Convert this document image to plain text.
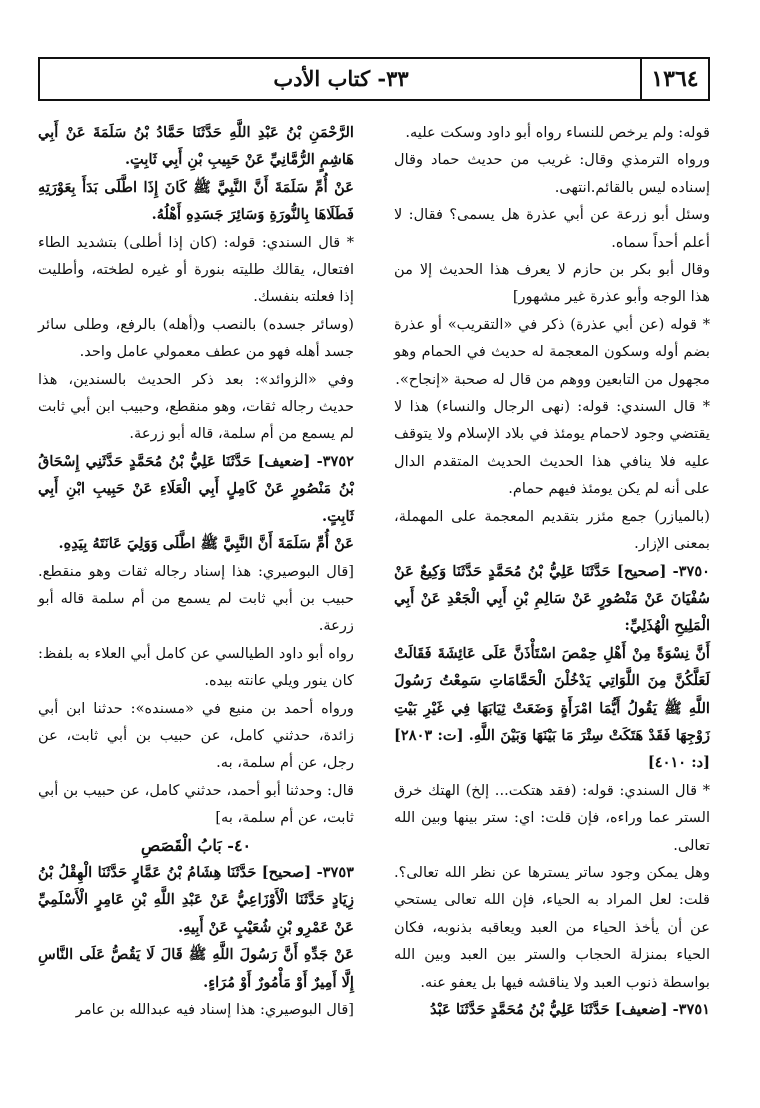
١٣٦٤
٣٣- كتاب الأدب

قوله: ولم يرخص للنساء رواه أبو داود وسكت عليه.

ورواه الترمذي وقال: غريب من حديث حماد وقال إسناده ليس بالقائم.انتهى.

وسئل أبو زرعة عن أبي عذرة هل يسمى؟ فقال: لا أعلم أحداً سماه.

وقال أبو بكر بن حازم لا يعرف هذا الحديث إلا من هذا الوجه وأبو عذرة غير مشهور]

* قوله (عن أبي عذرة) ذكر في «التقريب» أو عذرة بضم أوله وسكون المعجمة له حديث في الحمام وهو مجهول من التابعين ووهم من قال له صحبة «إنجاح».

* قال السندي: قوله: (نهى الرجال والنساء) هذا لا يقتضي وجود لاحمام يومئذ في بلاد الإسلام ولا يتوقف عليه فلا ينافي هذا الحديث الحديث المتقدم الدال على أنه لم يكن يومئذ فيهم حمام.

(بالميازر) جمع مئزر بتقديم المعجمة على المهملة، بمعنى الإزار.

٣٧٥٠- [صحيح] حَدَّثَنَا عَلِيُّ بْنُ مُحَمَّدٍ حَدَّثَنَا وَكِيعٌ عَنْ سُفْيَانَ عَنْ مَنْصُورٍ عَنْ سَالِمِ بْنِ أَبِي الْجَعْدِ عَنْ أَبِي الْمَلِيحِ الْهُذَلِيِّ:

أَنَّ نِسْوَةً مِنْ أَهْلِ حِمْصَ اسْتَأْذَنَّ عَلَى عَائِشَةَ فَقَالَتْ لَعَلَّكُنَّ مِنَ اللَّوَاتِي يَدْخُلْنَ الْحَمَّامَاتِ سَمِعْتُ رَسُولَ اللَّهِ ﷺ يَقُولُ أَيُّمَا امْرَأَةٍ وَضَعَتْ ثِيَابَهَا فِي غَيْرِ بَيْتِ زَوْجِهَا فَقَدْ هَتَكَتْ سِتْرَ مَا بَيْنَهَا وَبَيْنَ اللَّهِ. [ت: ٢٨٠٣] [د: ٤٠١٠]

* قال السندي: قوله: (فقد هتكت... إلخ) الهتك خرق الستر عما وراءه، فإن قلت: اي: ستر بينها وبين الله تعالى.

وهل يمكن وجود ساتر يسترها عن نظر الله تعالى؟. قلت: لعل المراد به الحياء، فإن الله تعالى يستحي عن أن يأخذ الحياء من العبد ويعاقبه بذنوبه، فكان الحياء بمنزلة الحجاب والستر بين العبد وبين الله بواسطة ذنوب العبد ولا يناقشه فيها بل يعفو عنه.

٣٧٥١- [ضعيف] حَدَّثَنَا عَلِيُّ بْنُ مُحَمَّدٍ حَدَّثَنَا عَبْدُ

الرَّحْمَنِ بْنُ عَبْدِ اللَّهِ حَدَّثَنَا حَمَّادُ بْنُ سَلَمَةَ عَنْ أَبِي هَاشِمٍ الرُّمَّانِيِّ عَنْ حَبِيبِ بْنِ أَبِي ثَابِتٍ.

عَنْ أُمِّ سَلَمَةَ أَنَّ النَّبِيَّ ﷺ كَانَ إِذَا اطَّلَى بَدَأَ بِعَوْرَتِهِ فَطَلَاهَا بِالنُّورَةِ وَسَائِرَ جَسَدِهِ أَهْلُهُ.

* قال السندي: قوله: (كان إذا أطلى) بتشديد الطاء افتعال، يقالك طليته بنورة أو غيره لطخته، وأطليت إذا فعلته بنفسك.

(وسائر جسده) بالنصب و(أهله) بالرفع، وطلى سائر جسد أهله فهو من عطف معمولي عامل واحد.

وفي «الزوائد»: بعد ذكر الحديث بالسندين، هذا حديث رجاله ثقات، وهو منقطع، وحبيب ابن أبي ثابت لم يسمع من أم سلمة، قاله أبو زرعة.

٣٧٥٢- [ضعيف] حَدَّثَنَا عَلِيُّ بْنُ مُحَمَّدٍ حَدَّثَنِي إِسْحَاقُ بْنُ مَنْصُورٍ عَنْ كَامِلٍ أَبِي الْعَلَاءِ عَنْ حَبِيبِ ابْنِ أَبِي ثَابِتٍ.

عَنْ أُمِّ سَلَمَةَ أَنَّ النَّبِيَّ ﷺ اطَّلَى وَوَلِيَ عَانَتَهُ بِيَدِهِ.

[قال البوصيري: هذا إسناد رجاله ثقات وهو منقطع. حبيب بن أبي ثابت لم يسمع من أم سلمة قاله أبو زرعة.

رواه أبو داود الطيالسي عن كامل أبي العلاء به بلفظ: كان ينور ويلي عانته بيده.

ورواه أحمد بن منيع في «مسنده»: حدثنا ابن أبي زائدة، حدثني كامل، عن حبيب بن أبي ثابت، عن رجل، عن أم سلمة، به.

قال: وحدثنا أبو أحمد، حدثني كامل، عن حبيب بن أبي ثابت، عن أم سلمة، به]

٤٠- بَابُ الْقَصَصِ

٣٧٥٣- [صحيح] حَدَّثَنَا هِشَامُ بْنُ عَمَّارٍ حَدَّثَنَا الْهِقْلُ بْنُ زِيَادٍ حَدَّثَنَا الْأَوْزَاعِيُّ عَنْ عَبْدِ اللَّهِ بْنِ عَامِرٍ الْأَسْلَمِيِّ عَنْ عَمْرِو بْنِ شُعَيْبٍ عَنْ أَبِيهِ.

عَنْ جَدِّهِ أَنَّ رَسُولَ اللَّهِ ﷺ قَالَ لَا يَقُصُّ عَلَى النَّاسِ إِلَّا أَمِيرٌ أَوْ مَأْمُورٌ أَوْ مُرَاءٍ.

[قال البوصيري: هذا إسناد فيه عبدالله بن عامر
